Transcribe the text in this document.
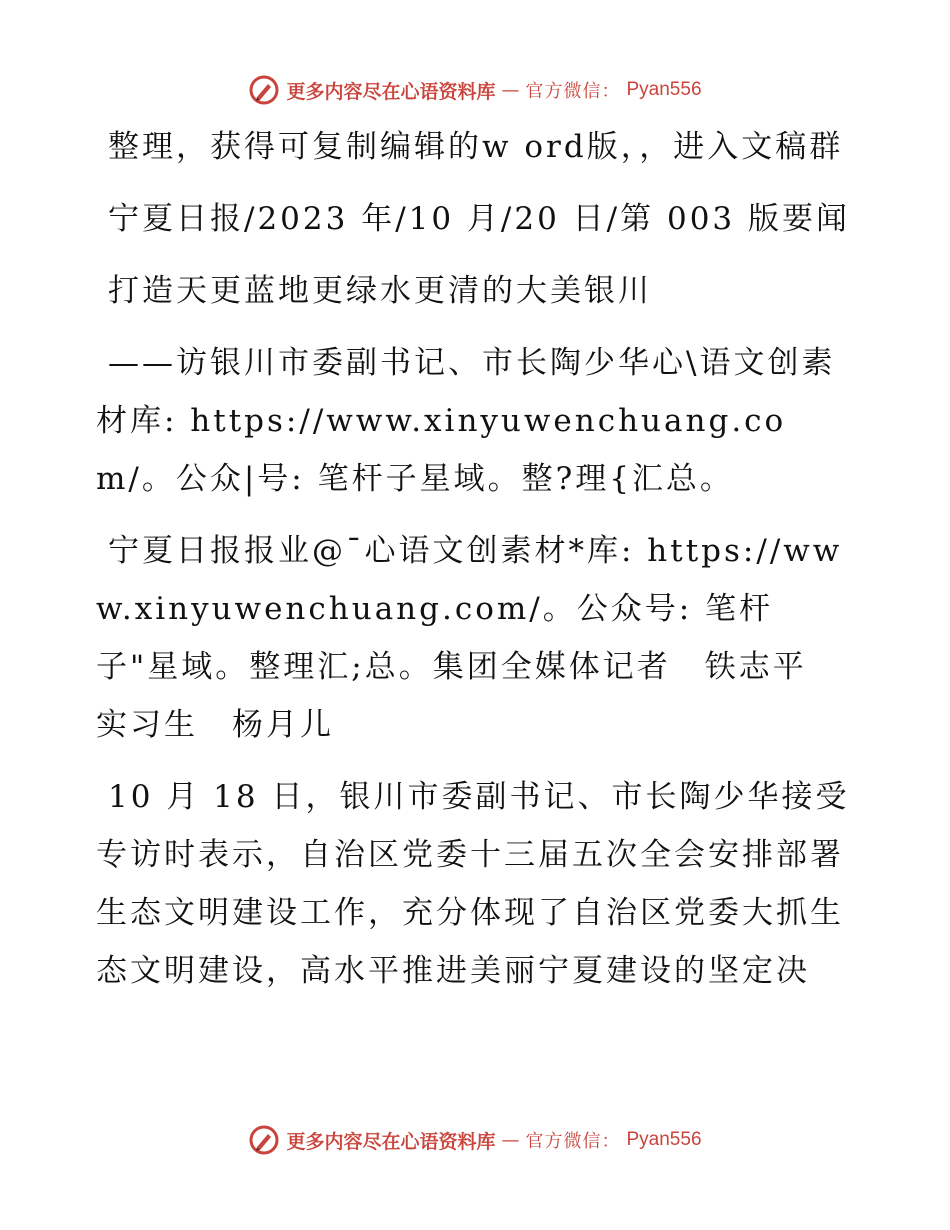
更多内容尽在心语资料库 — 官方微信： Pyan556

整理，获得可复制编辑的w ord版，，进入文稿群

宁夏日报/2023 年/10 月/20 日/第 003 版要闻

打造天更蓝地更绿水更清的大美银川

——访银川市委副书记、市长陶少华心\语文创素材库: https://www.xinyuwenchuang.com/。公众|号: 笔杆子星域。整?理{汇总。

宁夏日报报业@¯心语文创素材*库: https://www.xinyuwenchuang.com/。公众号: 笔杆子"星域。整理汇;总。集团全媒体记者　铁志平　实习生　杨月儿

10 月 18 日，银川市委副书记、市长陶少华接受专访时表示，自治区党委十三届五次全会安排部署生态文明建设工作，充分体现了自治区党委大抓生态文明建设，高水平推进美丽宁夏建设的坚定决

更多内容尽在心语资料库 — 官方微信： Pyan556
